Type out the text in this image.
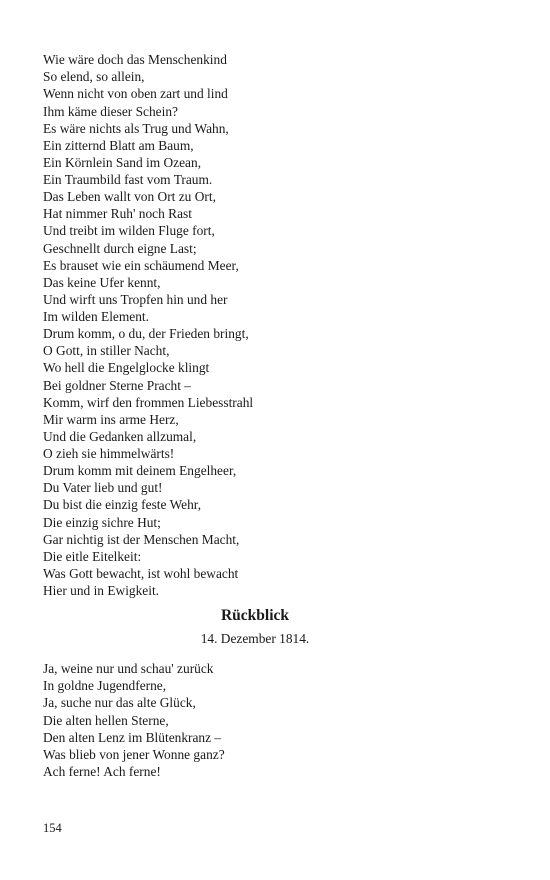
Wie wäre doch das Menschenkind
So elend, so allein,
Wenn nicht von oben zart und lind
Ihm käme dieser Schein?
Es wäre nichts als Trug und Wahn,
Ein zitternd Blatt am Baum,
Ein Körnlein Sand im Ozean,
Ein Traumbild fast vom Traum.
Das Leben wallt von Ort zu Ort,
Hat nimmer Ruh' noch Rast
Und treibt im wilden Fluge fort,
Geschnellt durch eigne Last;
Es brauset wie ein schäumend Meer,
Das keine Ufer kennt,
Und wirft uns Tropfen hin und her
Im wilden Element.
Drum komm, o du, der Frieden bringt,
O Gott, in stiller Nacht,
Wo hell die Engelglocke klingt
Bei goldner Sterne Pracht –
Komm, wirf den frommen Liebesstrahl
Mir warm ins arme Herz,
Und die Gedanken allzumal,
O zieh sie himmelwärts!
Drum komm mit deinem Engelheer,
Du Vater lieb und gut!
Du bist die einzig feste Wehr,
Die einzig sichre Hut;
Gar nichtig ist der Menschen Macht,
Die eitle Eitelkeit:
Was Gott bewacht, ist wohl bewacht
Hier und in Ewigkeit.
Rückblick
14. Dezember 1814.
Ja, weine nur und schau' zurück
In goldne Jugendferne,
Ja, suche nur das alte Glück,
Die alten hellen Sterne,
Den alten Lenz im Blütenkranz –
Was blieb von jener Wonne ganz?
Ach ferne! Ach ferne!
154
